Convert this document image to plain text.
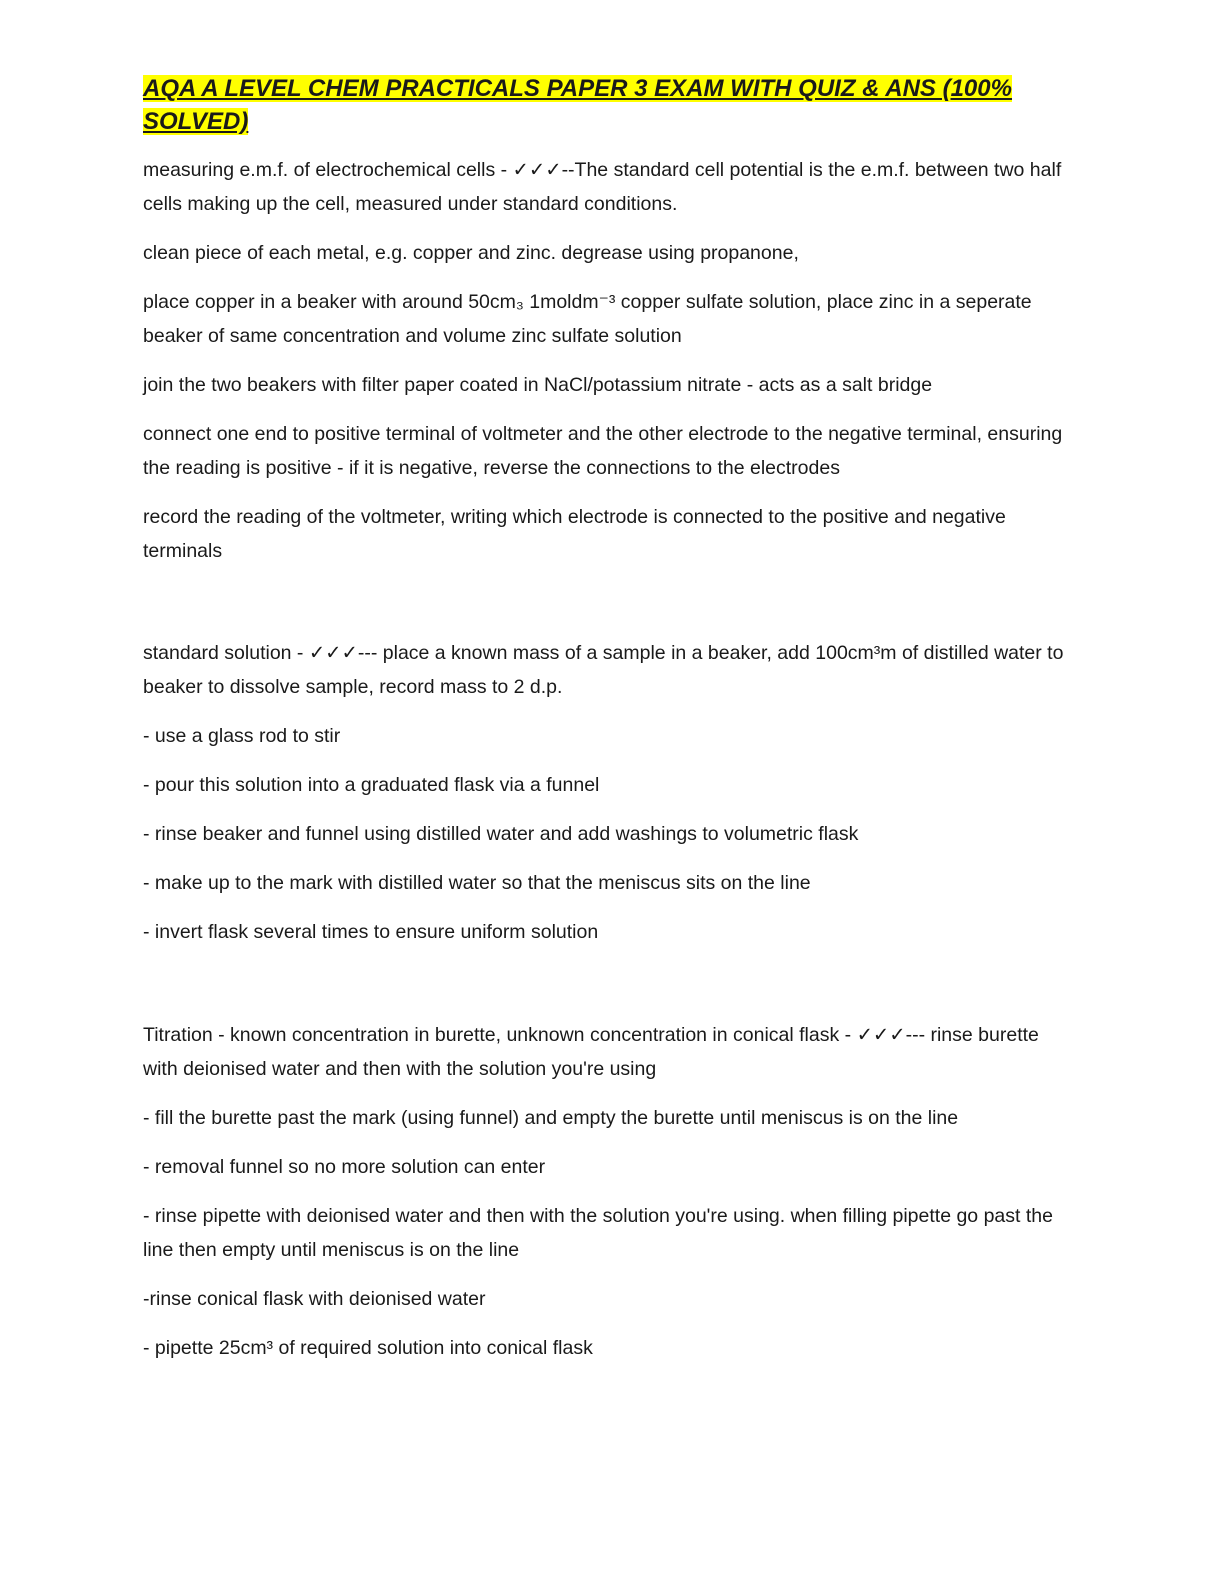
AQA A LEVEL CHEM PRACTICALS PAPER 3 EXAM WITH QUIZ & ANS (100% SOLVED)

measuring e.m.f. of electrochemical cells - ✓✓✓--The standard cell potential is the e.m.f. between two half cells making up the cell, measured under standard conditions.

clean piece of each metal, e.g. copper and zinc. degrease using propanone,

place copper in a beaker with around 50cm₃ 1moldm⁻³ copper sulfate solution, place zinc in a seperate beaker of same concentration and volume zinc sulfate solution

join the two beakers with filter paper coated in NaCl/potassium nitrate - acts as a salt bridge

connect one end to positive terminal of voltmeter and the other electrode to the negative terminal, ensuring the reading is positive - if it is negative, reverse the connections to the electrodes

record the reading of the voltmeter, writing which electrode is connected to the positive and negative terminals

standard solution - ✓✓✓--- place a known mass of a sample in a beaker, add 100cm³m of distilled water to beaker to dissolve sample, record mass to 2 d.p.

- use a glass rod to stir

- pour this solution into a graduated flask via a funnel

- rinse beaker and funnel using distilled water and add washings to volumetric flask

- make up to the mark with distilled water so that the meniscus sits on the line

- invert flask several times to ensure uniform solution

Titration - known concentration in burette, unknown concentration in conical flask - ✓✓✓--- rinse burette with deionised water and then with the solution you're using

- fill the burette past the mark (using funnel) and empty the burette until meniscus is on the line

- removal funnel so no more solution can enter

- rinse pipette with deionised water and then with the solution you're using. when filling pipette go past the line then empty until meniscus is on the line

-rinse conical flask with deionised water

- pipette 25cm³ of required solution into conical flask
